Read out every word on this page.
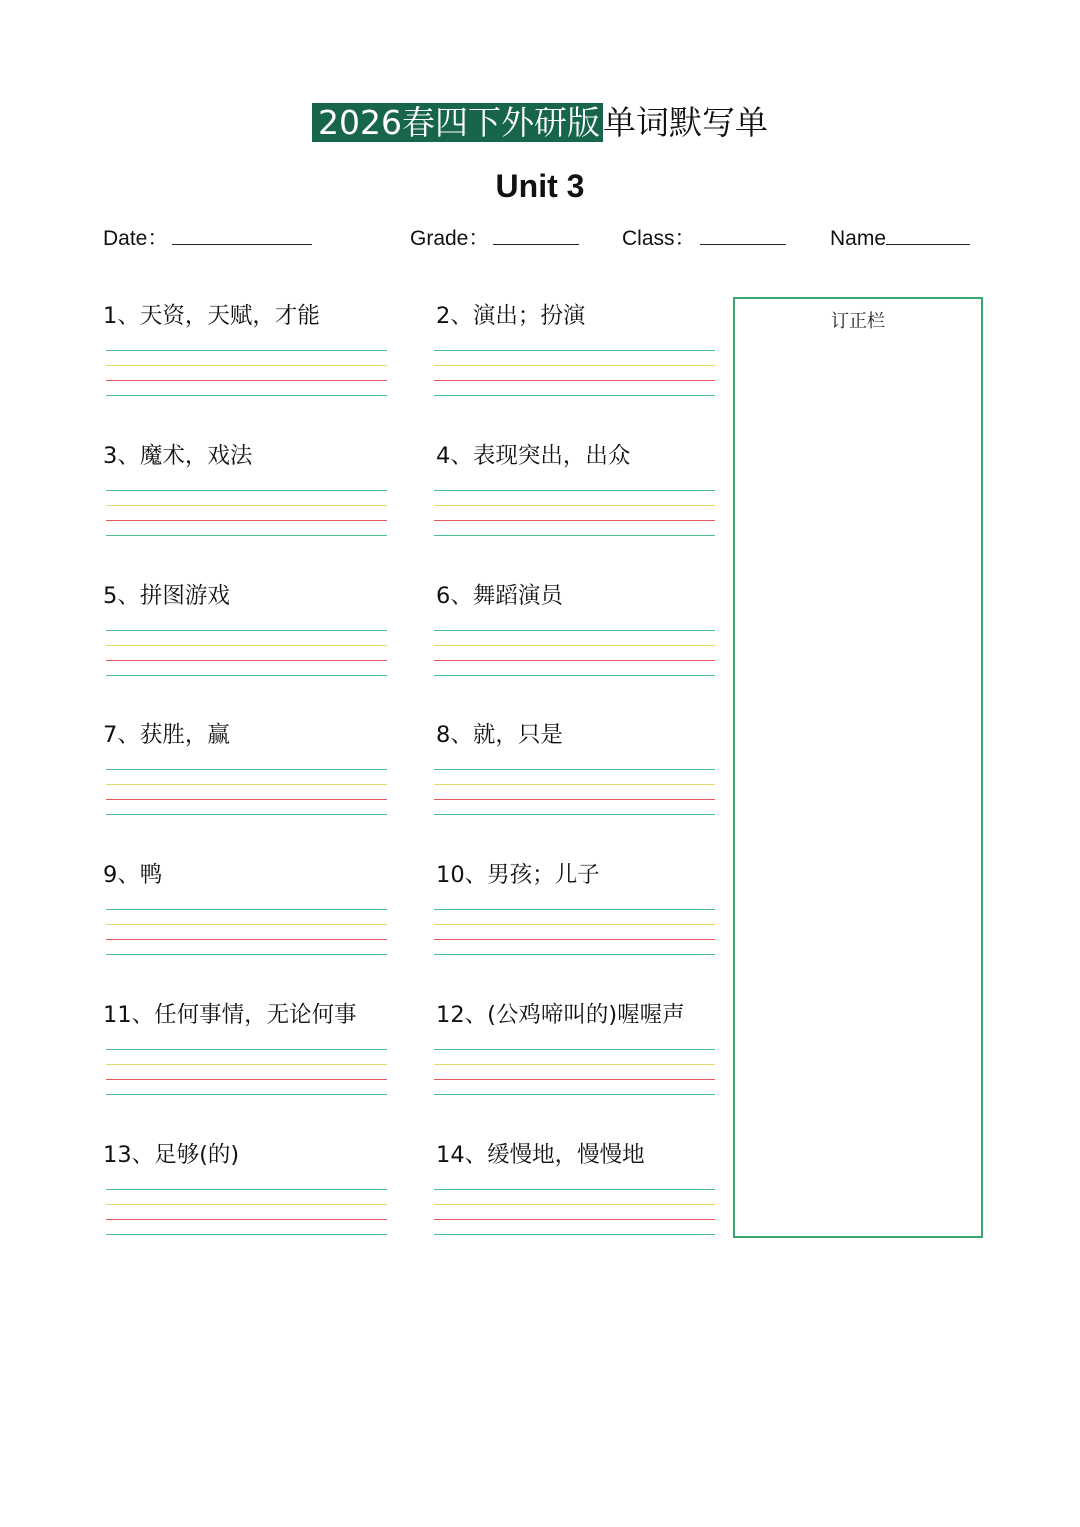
2026春四下外研版单词默写单
Unit 3
Date：	Grade：	Class：	Name
1、天资，天赋，才能	2、演出；扮演
3、魔术，戏法	4、表现突出，出众
5、拼图游戏	6、舞蹈演员
7、获胜，赢	8、就，只是
9、鸭	10、男孩；儿子
11、任何事情，无论何事	12、(公鸡啼叫的)喔喔声
13、足够(的)	14、缓慢地，慢慢地
订正栏
